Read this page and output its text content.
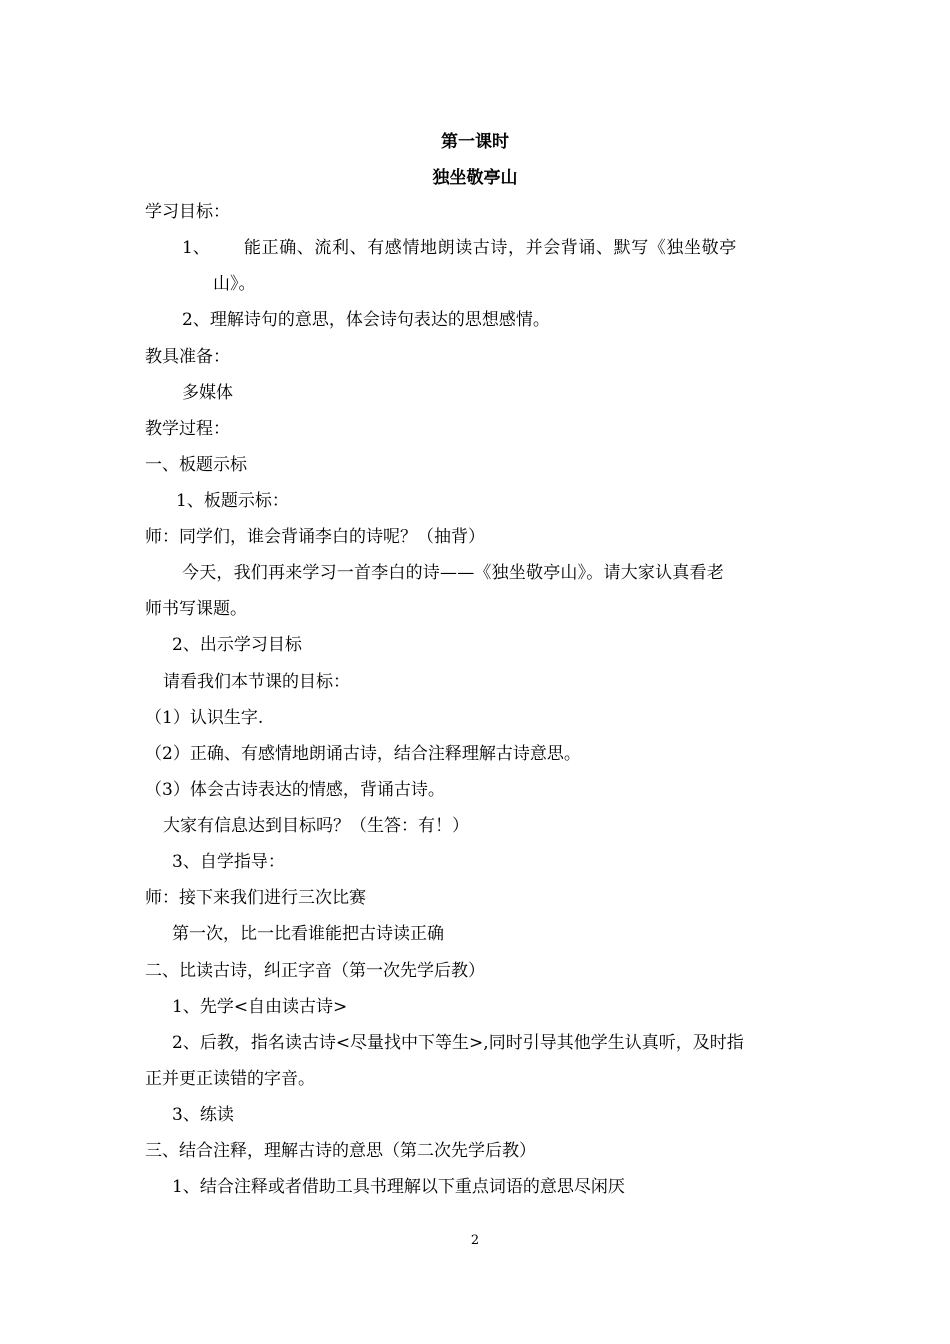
第一课时
独坐敬亭山
学习目标：
1、 能正确、流利、有感情地朗读古诗，并会背诵、默写《独坐敬亭
山》。
2、理解诗句的意思，体会诗句表达的思想感情。
教具准备：
多媒体
教学过程：
一、板题示标
1、板题示标：
师：同学们，谁会背诵李白的诗呢？（抽背）
今天，我们再来学习一首李白的诗——《独坐敬亭山》。请大家认真看老
师书写课题。
2、出示学习目标
请看我们本节课的目标：
（1）认识生字.
（2）正确、有感情地朗诵古诗，结合注释理解古诗意思。
（3）体会古诗表达的情感，背诵古诗。
大家有信息达到目标吗？（生答：有！）
3、自学指导：
师：接下来我们进行三次比赛
第一次，比一比看谁能把古诗读正确
二、比读古诗，纠正字音（第一次先学后教）
1、先学<自由读古诗>
2、后教，指名读古诗<尽量找中下等生>,同时引导其他学生认真听，及时指
正并更正读错的字音。
3、练读
三、结合注释，理解古诗的意思（第二次先学后教）
1、结合注释或者借助工具书理解以下重点词语的意思尽闲厌
2
